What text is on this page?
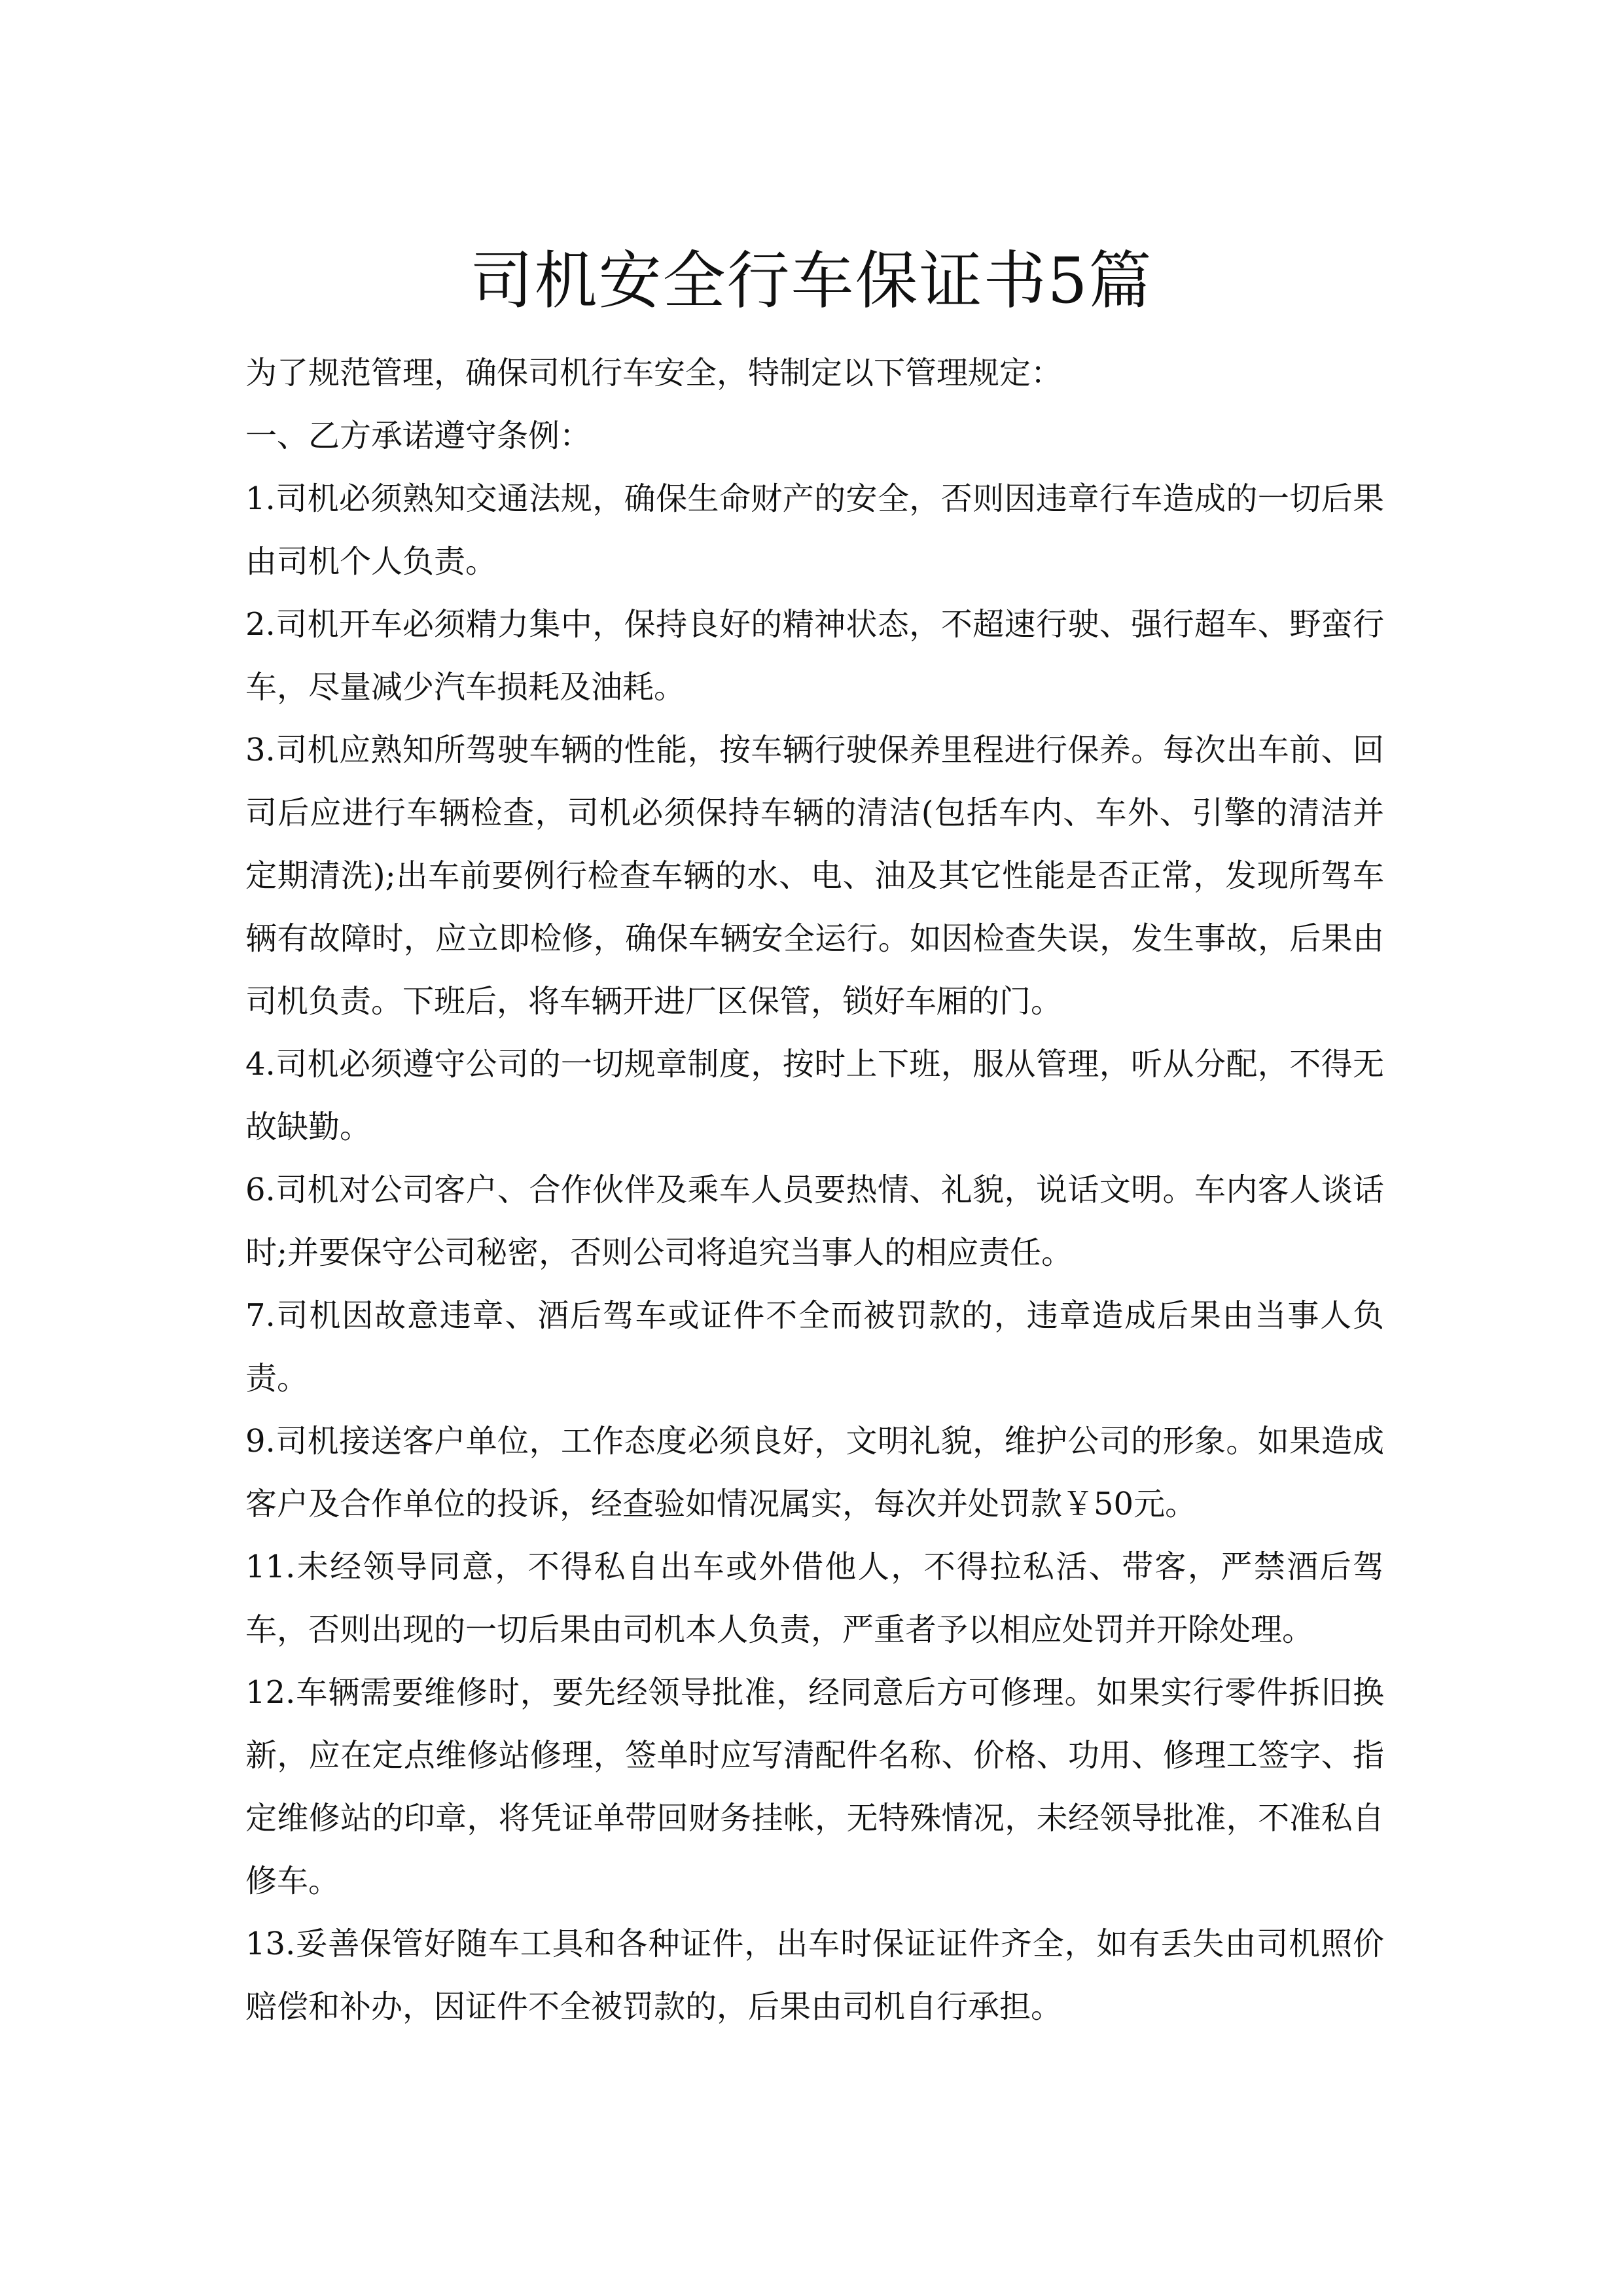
司机安全行车保证书5篇

为了规范管理，确保司机行车安全，特制定以下管理规定：

一、乙方承诺遵守条例：

1.司机必须熟知交通法规，确保生命财产的安全，否则因违章行车造成的一切后果由司机个人负责。

2.司机开车必须精力集中，保持良好的精神状态，不超速行驶、强行超车、野蛮行车，尽量减少汽车损耗及油耗。

3.司机应熟知所驾驶车辆的性能，按车辆行驶保养里程进行保养。每次出车前、回司后应进行车辆检查，司机必须保持车辆的清洁(包括车内、车外、引擎的清洁并定期清洗);出车前要例行检查车辆的水、电、油及其它性能是否正常，发现所驾车辆有故障时，应立即检修，确保车辆安全运行。如因检查失误，发生事故，后果由司机负责。下班后，将车辆开进厂区保管，锁好车厢的门。

4.司机必须遵守公司的一切规章制度，按时上下班，服从管理，听从分配，不得无故缺勤。

6.司机对公司客户、合作伙伴及乘车人员要热情、礼貌，说话文明。车内客人谈话时;并要保守公司秘密，否则公司将追究当事人的相应责任。

7.司机因故意违章、酒后驾车或证件不全而被罚款的，违章造成后果由当事人负责。

9.司机接送客户单位，工作态度必须良好，文明礼貌，维护公司的形象。如果造成客户及合作单位的投诉，经查验如情况属实，每次并处罚款￥50元。

11.未经领导同意，不得私自出车或外借他人，不得拉私活、带客，严禁酒后驾车，否则出现的一切后果由司机本人负责，严重者予以相应处罚并开除处理。

12.车辆需要维修时，要先经领导批准，经同意后方可修理。如果实行零件拆旧换新，应在定点维修站修理，签单时应写清配件名称、价格、功用、修理工签字、指定维修站的印章，将凭证单带回财务挂帐，无特殊情况，未经领导批准，不准私自修车。

13.妥善保管好随车工具和各种证件，出车时保证证件齐全，如有丢失由司机照价赔偿和补办，因证件不全被罚款的，后果由司机自行承担。
